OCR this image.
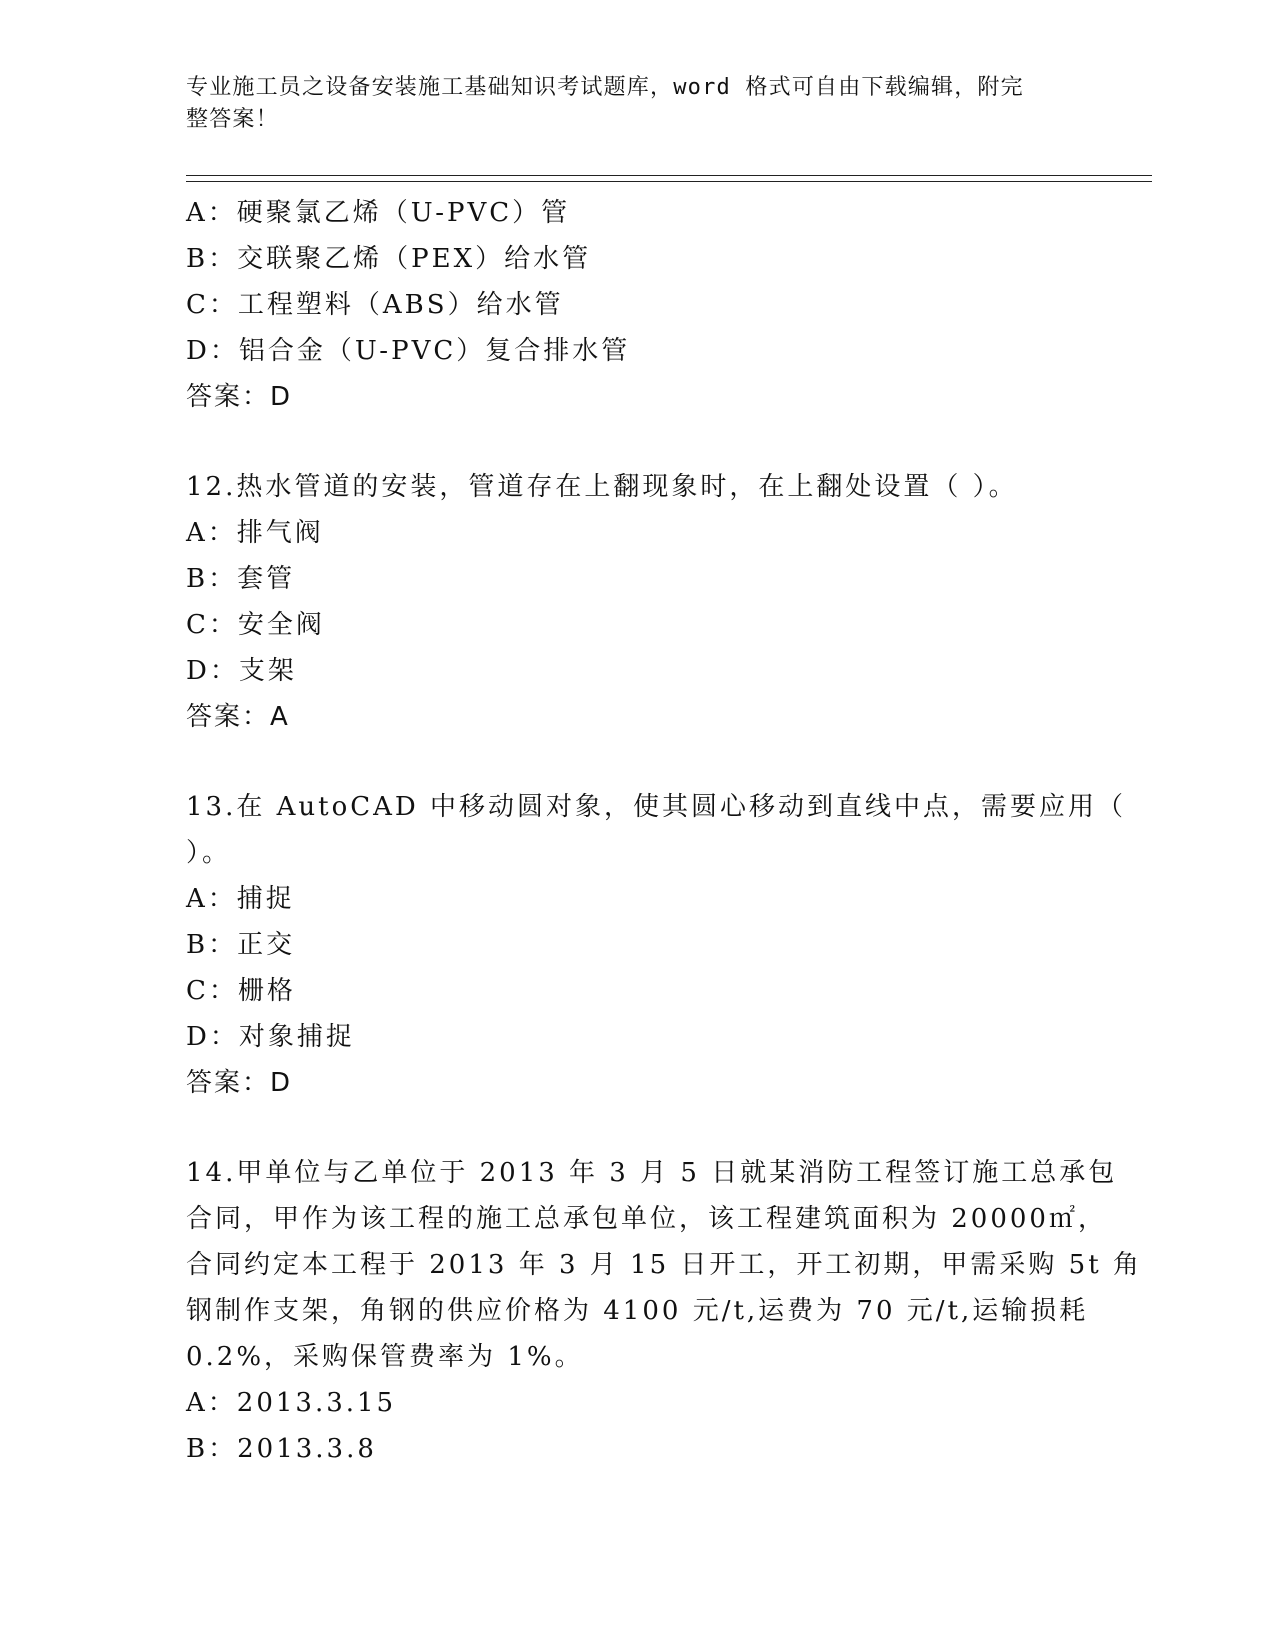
专业施工员之设备安装施工基础知识考试题库，word 格式可自由下载编辑，附完
整答案！
A：硬聚氯乙烯（U-PVC）管
B：交联聚乙烯（PEX）给水管
C：工程塑料（ABS）给水管
D：铝合金（U-PVC）复合排水管
答案：D
12.热水管道的安装，管道存在上翻现象时，在上翻处设置（ ）。
A：排气阀
B：套管
C：安全阀
D：支架
答案：A
13.在 AutoCAD 中移动圆对象，使其圆心移动到直线中点，需要应用（
）。
A：捕捉
B：正交
C：栅格
D：对象捕捉
答案：D
14.甲单位与乙单位于 2013 年 3 月 5 日就某消防工程签订施工总承包
合同，甲作为该工程的施工总承包单位，该工程建筑面积为 20000㎡，
合同约定本工程于 2013 年 3 月 15 日开工，开工初期，甲需采购 5t 角
钢制作支架，角钢的供应价格为 4100 元/t,运费为 70 元/t,运输损耗
0.2%，采购保管费率为 1%。
A：2013.3.15
B：2013.3.8
